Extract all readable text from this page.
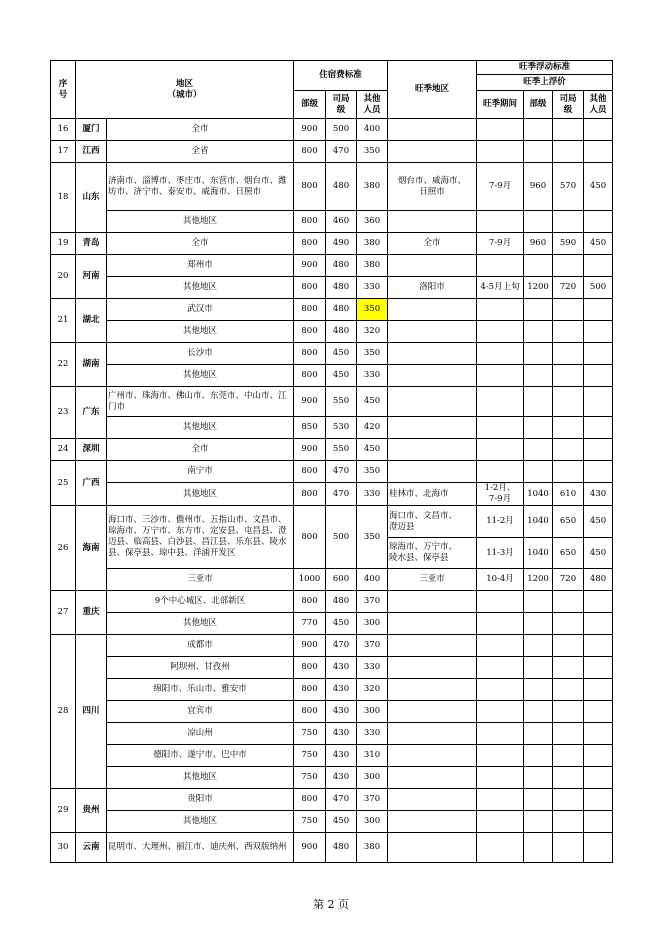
序
号	地区
（城市）		住宿费标准			旺季地区	旺季浮动标准			
							旺季上浮价			
			部级	司局
级	其他
人员		旺季期间	部级	司局
级	其他
人员
16	厦门	全市	900	500	400					
17	江西	全省	800	470	350					
18	山东	济南市、淄博市、枣庄市、东营市、烟台市、潍坊市、济宁市、泰安市、威海市、日照市	800	480	380	烟台市、威海市、
日照市	7-9月	960	570	450
		其他地区	800	460	360					
19	青岛	全市	800	490	380	全市	7-9月	960	590	450
20	河南	郑州市	900	480	380					
		其他地区	800	480	330	洛阳市	4-5月上旬	1200	720	500
21	湖北	武汉市	800	480	350					
		其他地区	800	480	320					
22	湖南	长沙市	800	450	350					
		其他地区	800	450	330					
23	广东	广州市、珠海市、佛山市、东莞市、中山市、江门市	900	550	450					
		其他地区	850	530	420					
24	深圳	全市	900	550	450					
25	广西	南宁市	800	470	350					
		其他地区	800	470	330	桂林市、北海市	1-2月、
7-9月	1040	610	430
26	海南	海口市、三沙市、儋州市、五指山市、文昌市、琼海市、万宁市、东方市、定安县、屯昌县、澄迈县、临高县、白沙县、昌江县、乐东县、陵水县、保亭县、琼中县、洋浦开发区	800	500	350	海口市、文昌市、
澄迈县	11-2月	1040	650	450
						琼海市、万宁市、
陵水县、保亭县	11-3月	1040	650	450
		三亚市	1000	600	400	三亚市	10-4月	1200	720	480
27	重庆	9个中心城区、北部新区	800	480	370					
		其他地区	770	450	300					
28	四川	成都市	900	470	370					
		阿坝州、甘孜州	800	430	330					
		绵阳市、乐山市、雅安市	800	430	320					
		宜宾市	800	430	300					
		凉山州	750	430	330					
		德阳市、遂宁市、巴中市	750	430	310					
		其他地区	750	430	300					
29	贵州	贵阳市	800	470	370					
		其他地区	750	450	300					
30	云南	昆明市、大理州、丽江市、迪庆州、西双版纳州	900	480	380					
第 2 页
